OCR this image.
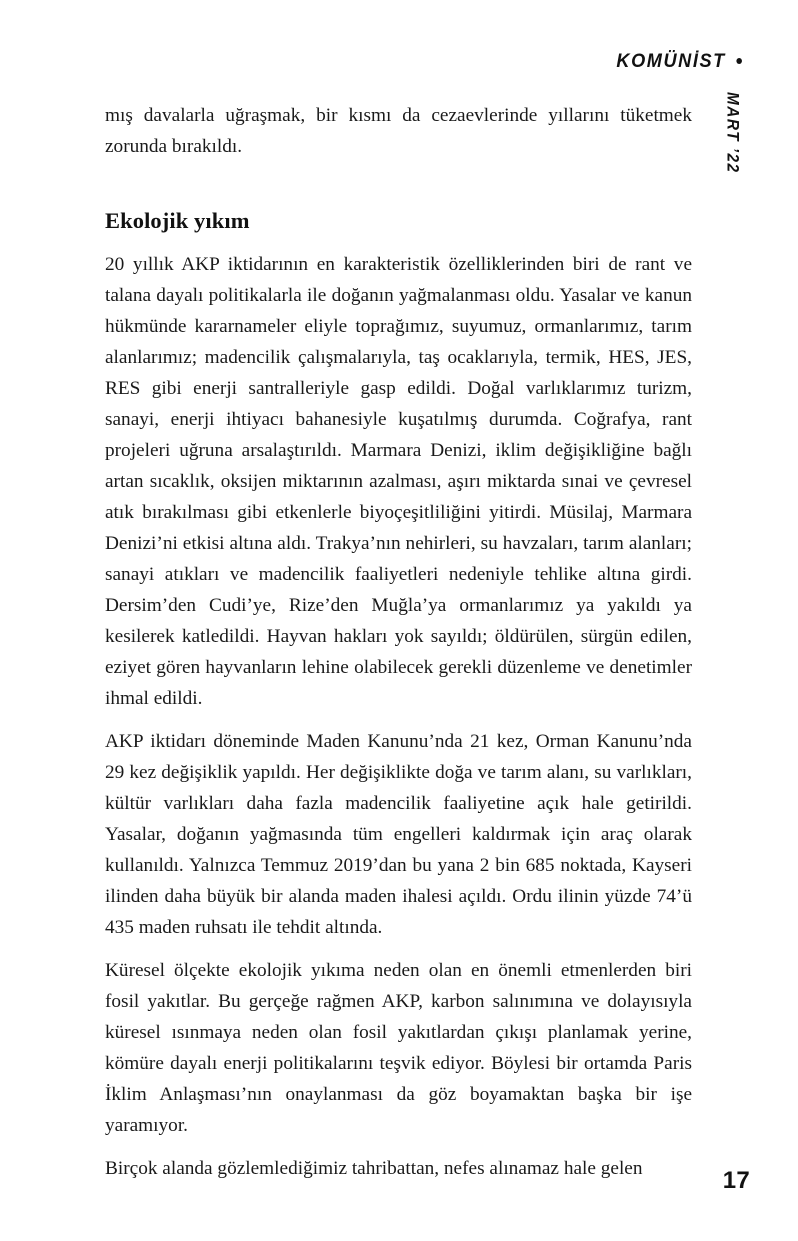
KOMÜNİST
MART ’22

mış davalarla uğraşmak, bir kısmı da cezaevlerinde yıllarını tüketmek zorunda bırakıldı.

Ekolojik yıkım

20 yıllık AKP iktidarının en karakteristik özelliklerinden biri de rant ve talana dayalı politikalarla ile doğanın yağmalanması oldu. Yasalar ve kanun hükmünde kararnameler eliyle toprağımız, suyumuz, ormanlarımız, tarım alanlarımız; madencilik çalışmalarıyla, taş ocaklarıyla, termik, HES, JES, RES gibi enerji santralleriyle gasp edildi. Doğal varlıklarımız turizm, sanayi, enerji ihtiyacı bahanesiyle kuşatılmış durumda. Coğrafya, rant projeleri uğruna arsalaştırıldı. Marmara Denizi, iklim değişikliğine bağlı artan sıcaklık, oksijen miktarının azalması, aşırı miktarda sınai ve çevresel atık bırakılması gibi etkenlerle biyoçeşitliliğini yitirdi. Müsilaj, Marmara Denizi’ni etkisi altına aldı. Trakya’nın nehirleri, su havzaları, tarım alanları; sanayi atıkları ve madencilik faaliyetleri nedeniyle tehlike altına girdi. Dersim’den Cudi’ye, Rize’den Muğla’ya ormanlarımız ya yakıldı ya kesilerek katledildi. Hayvan hakları yok sayıldı; öldürülen, sürgün edilen, eziyet gören hayvanların lehine olabilecek gerekli düzenleme ve denetimler ihmal edildi.

AKP iktidarı döneminde Maden Kanunu’nda 21 kez, Orman Kanunu’nda 29 kez değişiklik yapıldı. Her değişiklikte doğa ve tarım alanı, su varlıkları, kültür varlıkları daha fazla madencilik faaliyetine açık hale getirildi. Yasalar, doğanın yağmasında tüm engelleri kaldırmak için araç olarak kullanıldı. Yalnızca Temmuz 2019’dan bu yana 2 bin 685 noktada, Kayseri ilinden daha büyük bir alanda maden ihalesi açıldı. Ordu ilinin yüzde 74’ü 435 maden ruhsatı ile tehdit altında.

Küresel ölçekte ekolojik yıkıma neden olan en önemli etmenlerden biri fosil yakıtlar. Bu gerçeğe rağmen AKP, karbon salınımına ve dolayısıyla küresel ısınmaya neden olan fosil yakıtlardan çıkışı planlamak yerine, kömüre dayalı enerji politikalarını teşvik ediyor. Böylesi bir ortamda Paris İklim Anlaşması’nın onaylanması da göz boyamaktan başka bir işe yaramıyor.

Birçok alanda gözlemlediğimiz tahribattan, nefes alınamaz hale gelen	17
